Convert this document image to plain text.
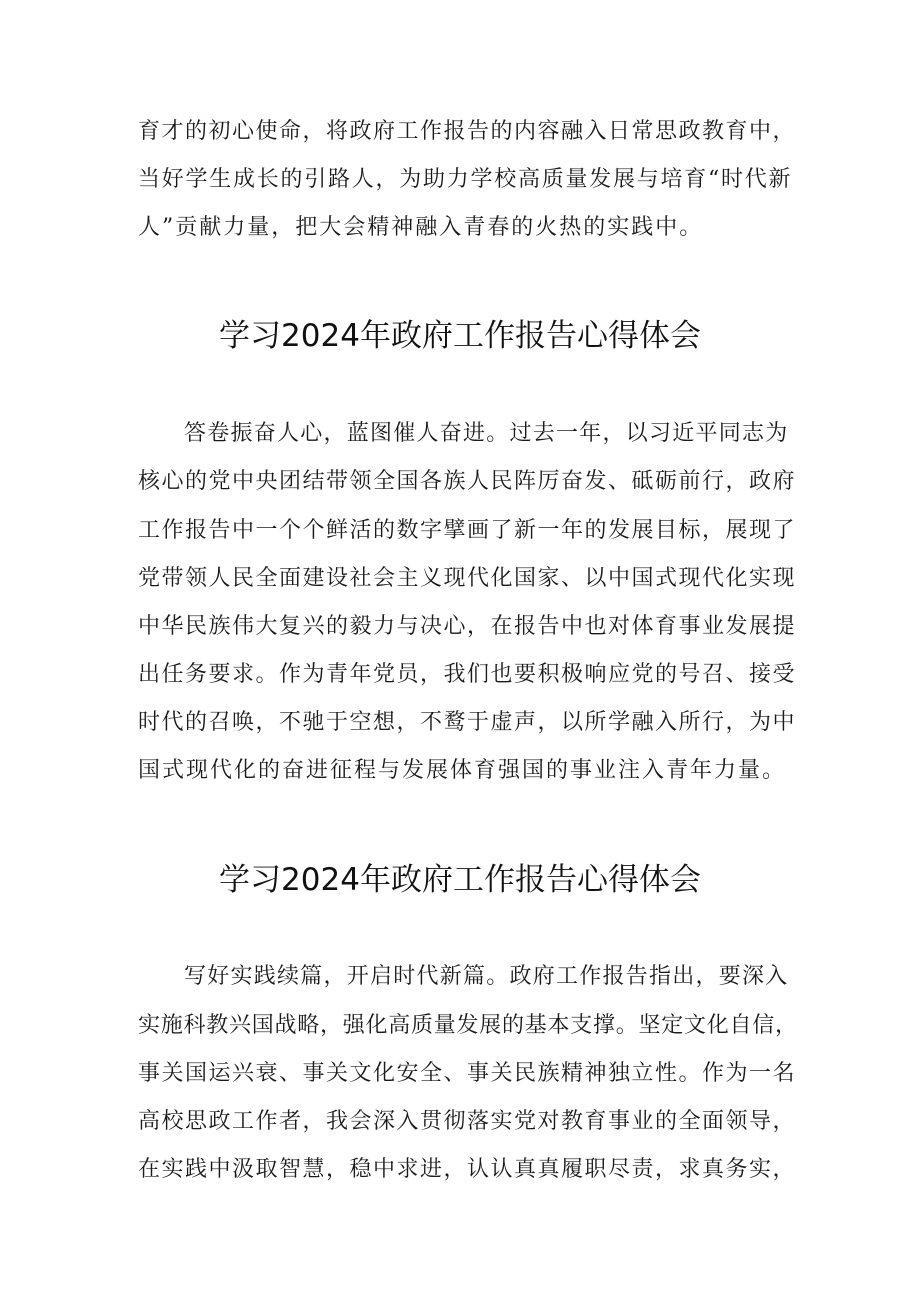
育才的初心使命，将政府工作报告的内容融入日常思政教育中，
当好学生成长的引路人，为助力学校高质量发展与培育“时代新
人”贡献力量，把大会精神融入青春的火热的实践中。
学习2024年政府工作报告心得体会
答卷振奋人心，蓝图催人奋进。过去一年，以习近平同志为
核心的党中央团结带领全国各族人民阵厉奋发、砥砺前行，政府
工作报告中一个个鲜活的数字擘画了新一年的发展目标，展现了
党带领人民全面建设社会主义现代化国家、以中国式现代化实现
中华民族伟大复兴的毅力与决心，在报告中也对体育事业发展提
出任务要求。作为青年党员，我们也要积极响应党的号召、接受
时代的召唤，不驰于空想，不鹜于虚声，以所学融入所行，为中
国式现代化的奋进征程与发展体育强国的事业注入青年力量。
学习2024年政府工作报告心得体会
写好实践续篇，开启时代新篇。政府工作报告指出，要深入
实施科教兴国战略，强化高质量发展的基本支撑。坚定文化自信，
事关国运兴衰、事关文化安全、事关民族精神独立性。作为一名
高校思政工作者，我会深入贯彻落实党对教育事业的全面领导，
在实践中汲取智慧，稳中求进，认认真真履职尽责，求真务实，
